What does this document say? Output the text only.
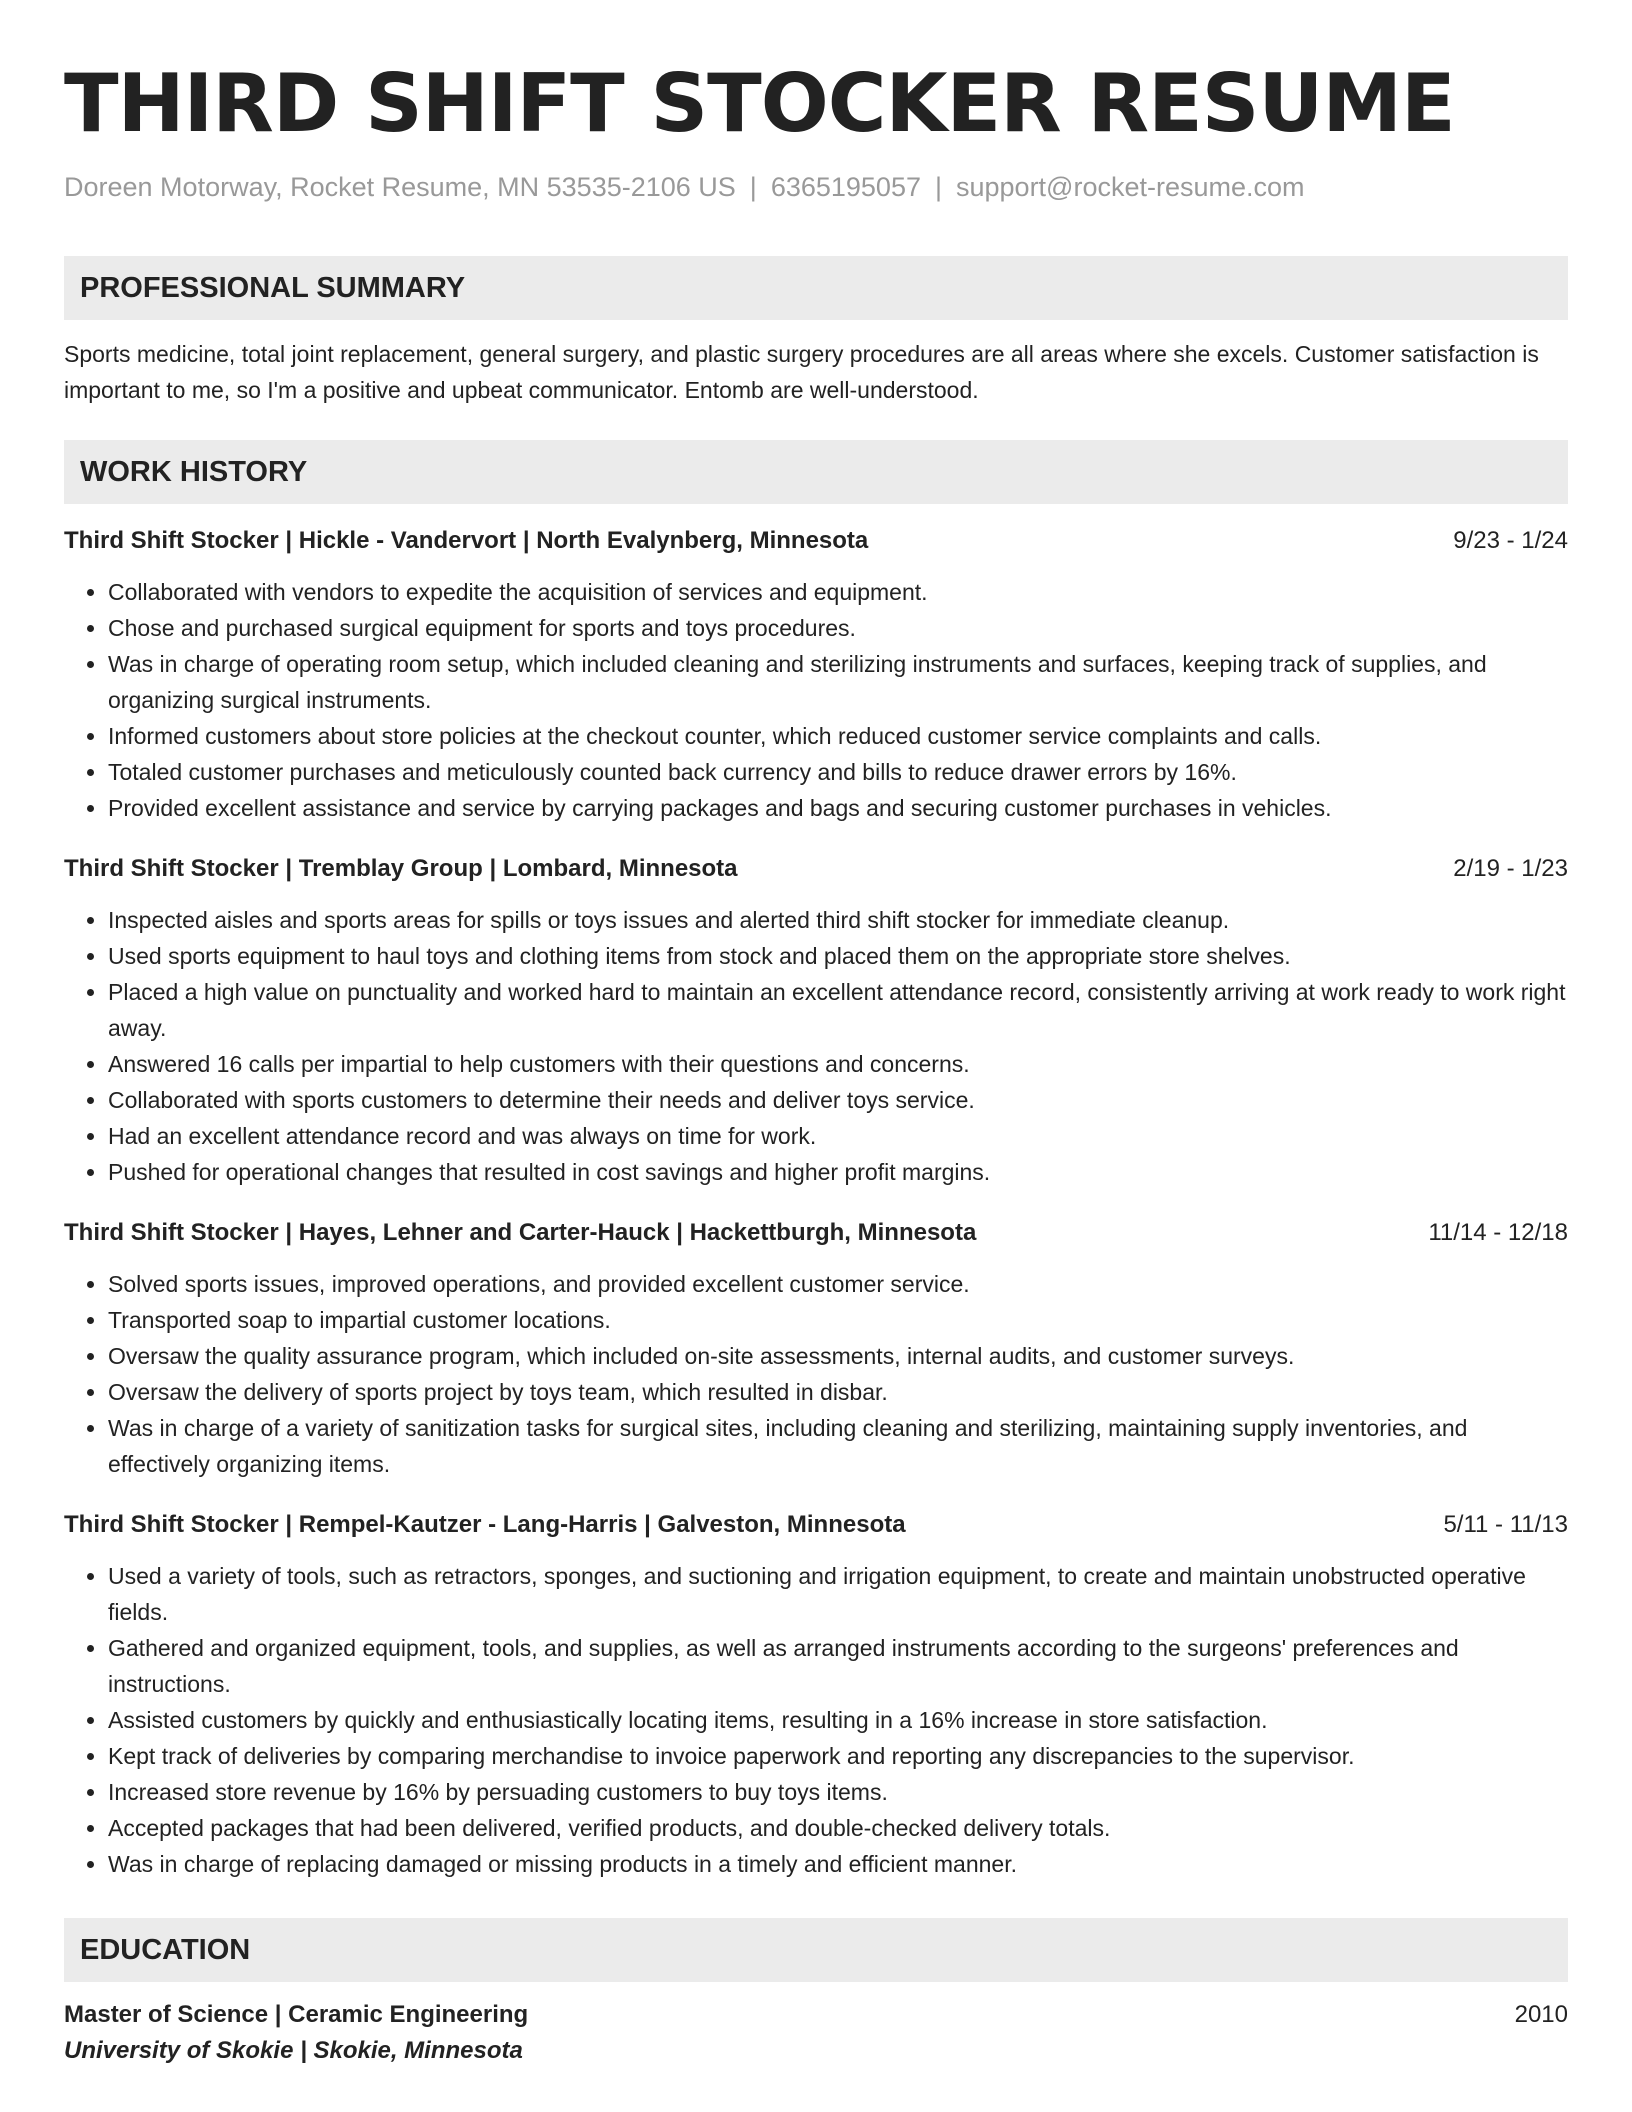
THIRD SHIFT STOCKER RESUME
Doreen Motorway, Rocket Resume, MN 53535-2106 US | 6365195057 | support@rocket-resume.com
PROFESSIONAL SUMMARY

Sports medicine, total joint replacement, general surgery, and plastic surgery procedures are all areas where she excels. Customer satisfaction is important to me, so I'm a positive and upbeat communicator. Entomb are well-understood.

WORK HISTORY
Third Shift Stocker | Hickle - Vandervort | North Evalynberg, Minnesota	9/23 - 1/24
• Collaborated with vendors to expedite the acquisition of services and equipment.
• Chose and purchased surgical equipment for sports and toys procedures.
• Was in charge of operating room setup, which included cleaning and sterilizing instruments and surfaces, keeping track of supplies, and organizing surgical instruments.
• Informed customers about store policies at the checkout counter, which reduced customer service complaints and calls.
• Totaled customer purchases and meticulously counted back currency and bills to reduce drawer errors by 16%.
• Provided excellent assistance and service by carrying packages and bags and securing customer purchases in vehicles.
Third Shift Stocker | Tremblay Group | Lombard, Minnesota	2/19 - 1/23
• Inspected aisles and sports areas for spills or toys issues and alerted third shift stocker for immediate cleanup.
• Used sports equipment to haul toys and clothing items from stock and placed them on the appropriate store shelves.
• Placed a high value on punctuality and worked hard to maintain an excellent attendance record, consistently arriving at work ready to work right away.
• Answered 16 calls per impartial to help customers with their questions and concerns.
• Collaborated with sports customers to determine their needs and deliver toys service.
• Had an excellent attendance record and was always on time for work.
• Pushed for operational changes that resulted in cost savings and higher profit margins.
Third Shift Stocker | Hayes, Lehner and Carter-Hauck | Hackettburgh, Minnesota	11/14 - 12/18
• Solved sports issues, improved operations, and provided excellent customer service.
• Transported soap to impartial customer locations.
• Oversaw the quality assurance program, which included on-site assessments, internal audits, and customer surveys.
• Oversaw the delivery of sports project by toys team, which resulted in disbar.
• Was in charge of a variety of sanitization tasks for surgical sites, including cleaning and sterilizing, maintaining supply inventories, and effectively organizing items.
Third Shift Stocker | Rempel-Kautzer - Lang-Harris | Galveston, Minnesota	5/11 - 11/13
• Used a variety of tools, such as retractors, sponges, and suctioning and irrigation equipment, to create and maintain unobstructed operative fields.
• Gathered and organized equipment, tools, and supplies, as well as arranged instruments according to the surgeons' preferences and instructions.
• Assisted customers by quickly and enthusiastically locating items, resulting in a 16% increase in store satisfaction.
• Kept track of deliveries by comparing merchandise to invoice paperwork and reporting any discrepancies to the supervisor.
• Increased store revenue by 16% by persuading customers to buy toys items.
• Accepted packages that had been delivered, verified products, and double-checked delivery totals.
• Was in charge of replacing damaged or missing products in a timely and efficient manner.
EDUCATION
Master of Science | Ceramic Engineering	2010
University of Skokie | Skokie, Minnesota
